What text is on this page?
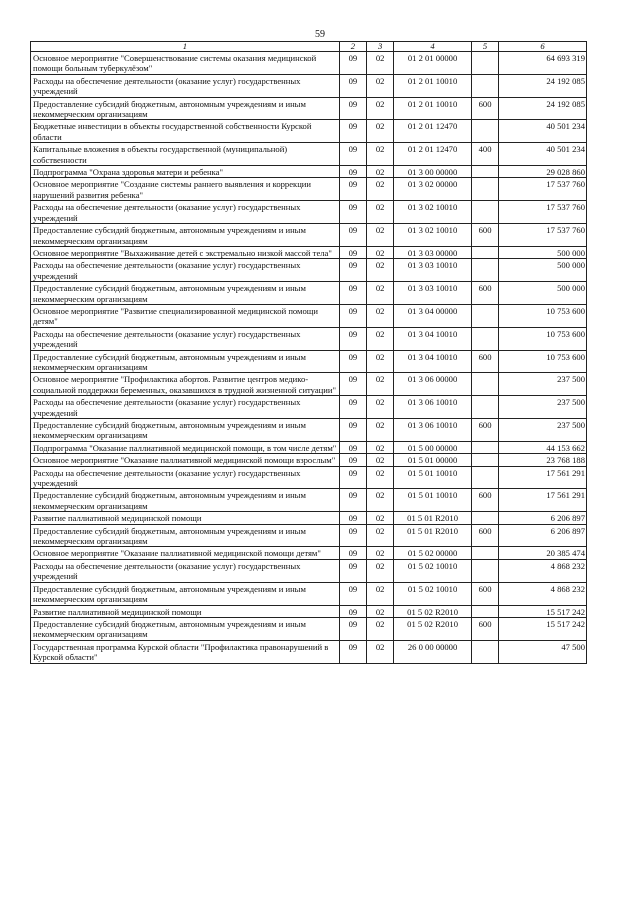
59
1	2	3	4	5	6
Основное мероприятие "Совершенствование системы оказания медицинской помощи больным туберкулёзом"	09	02	01 2 01 00000		64 693 319
Расходы на обеспечение деятельности (оказание услуг) государственных учреждений	09	02	01 2 01 10010		24 192 085
Предоставление субсидий бюджетным, автономным учреждениям и иным некоммерческим организациям	09	02	01 2 01 10010	600	24 192 085
Бюджетные инвестиции в объекты государственной собственности Курской области	09	02	01 2 01 12470		40 501 234
Капитальные вложения в объекты государственной (муниципальной) собственности	09	02	01 2 01 12470	400	40 501 234
Подпрограмма "Охрана здоровья матери и ребенка"	09	02	01 3 00 00000		29 028 860
Основное мероприятие "Создание системы раннего выявления и коррекции нарушений развития ребенка"	09	02	01 3 02 00000		17 537 760
Расходы на обеспечение деятельности (оказание услуг) государственных учреждений	09	02	01 3 02 10010		17 537 760
Предоставление субсидий бюджетным, автономным учреждениям и иным некоммерческим организациям	09	02	01 3 02 10010	600	17 537 760
Основное мероприятие "Выхаживание детей с экстремально низкой массой тела"	09	02	01 3 03 00000		500 000
Расходы на обеспечение деятельности (оказание услуг) государственных учреждений	09	02	01 3 03 10010		500 000
Предоставление субсидий бюджетным, автономным учреждениям и иным некоммерческим организациям	09	02	01 3 03 10010	600	500 000
Основное мероприятие "Развитие специализированной медицинской помощи детям"	09	02	01 3 04 00000		10 753 600
Расходы на обеспечение деятельности (оказание услуг) государственных учреждений	09	02	01 3 04 10010		10 753 600
Предоставление субсидий бюджетным, автономным учреждениям и иным некоммерческим организациям	09	02	01 3 04 10010	600	10 753 600
Основное мероприятие "Профилактика абортов. Развитие центров медико-социальной поддержки беременных, оказавшихся в трудной жизненной ситуации"	09	02	01 3 06 00000		237 500
Расходы на обеспечение деятельности (оказание услуг) государственных учреждений	09	02	01 3 06 10010		237 500
Предоставление субсидий бюджетным, автономным учреждениям и иным некоммерческим организациям	09	02	01 3 06 10010	600	237 500
Подпрограмма "Оказание паллиативной медицинской помощи, в том числе детям"	09	02	01 5 00 00000		44 153 662
Основное мероприятие "Оказание паллиативной медицинской помощи взрослым"	09	02	01 5 01 00000		23 768 188
Расходы на обеспечение деятельности (оказание услуг) государственных учреждений	09	02	01 5 01 10010		17 561 291
Предоставление субсидий бюджетным, автономным учреждениям и иным некоммерческим организациям	09	02	01 5 01 10010	600	17 561 291
Развитие паллиативной медицинской помощи	09	02	01 5 01 R2010		6 206 897
Предоставление субсидий бюджетным, автономным учреждениям и иным некоммерческим организациям	09	02	01 5 01 R2010	600	6 206 897
Основное мероприятие "Оказание паллиативной медицинской помощи детям"	09	02	01 5 02 00000		20 385 474
Расходы на обеспечение деятельности (оказание услуг) государственных учреждений	09	02	01 5 02 10010		4 868 232
Предоставление субсидий бюджетным, автономным учреждениям и иным некоммерческим организациям	09	02	01 5 02 10010	600	4 868 232
Развитие паллиативной медицинской помощи	09	02	01 5 02 R2010		15 517 242
Предоставление субсидий бюджетным, автономным учреждениям и иным некоммерческим организациям	09	02	01 5 02 R2010	600	15 517 242
Государственная программа Курской области "Профилактика правонарушений в Курской области"	09	02	26 0 00 00000		47 500
